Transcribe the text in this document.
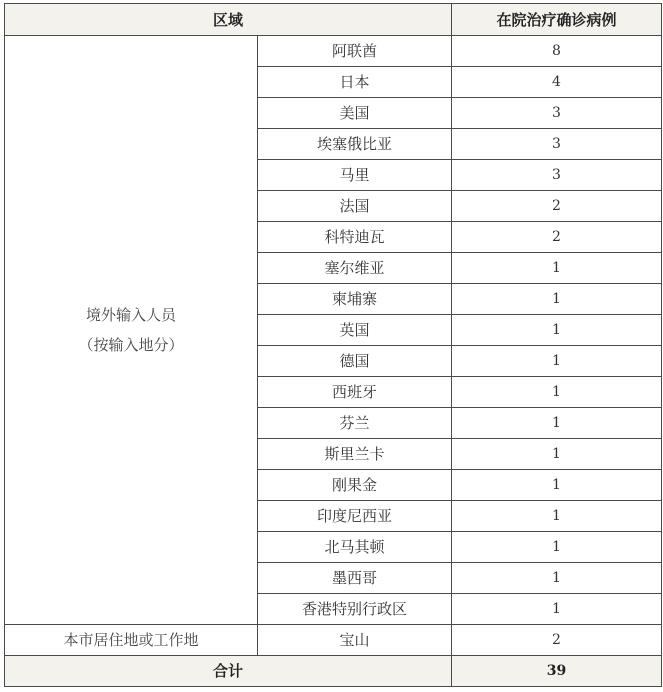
区域		在院治疗确诊病例

境外输入人员
（按输入地分）	阿联酋	8
	日本	4
	美国	3
	埃塞俄比亚	3
	马里	3
	法国	2
	科特迪瓦	2
	塞尔维亚	1
	柬埔寨	1
	英国	1
	德国	1
	西班牙	1
	芬兰	1
	斯里兰卡	1
	刚果金	1
	印度尼西亚	1
	北马其顿	1
	墨西哥	1
	香港特别行政区	1
本市居住地或工作地	宝山	2
合计		39
